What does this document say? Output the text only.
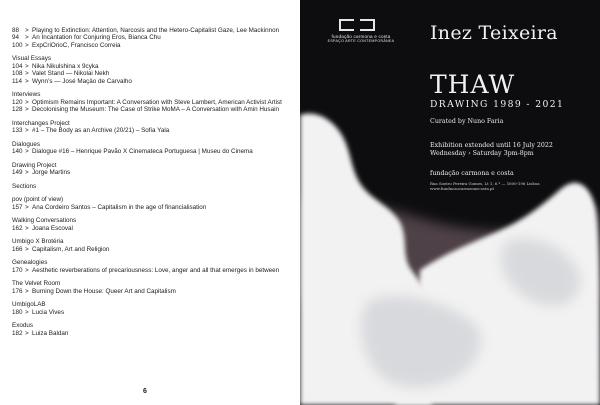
88 > Playing to Extinction: Attention, Narcosis and the Hetero-Capitalist Gaze, Lee Mackinnon
94 > An Incantation for Conjuring Eros, Bianca Chu
100 > ExpCriOrioC, Francisco Correia
Visual Essays
104 > Nika Nikulshina x 9cyka
108 > Valet Stand — Nikolai Nekh
114 > Wynn’s — José Maçäo de Carvalho
Interviews
120 > Optimism Remains Important: A Conversation with Steve Lambert, American Activist Artist
128 > Decolonising the Museum: The Case of Strike MoMA – A Conversation with Amin Husain
Interchanges Project
133 > #1 – The Body as an Archive (20/21) – Sofia Yala
Dialogues
140 > Dialogue #16 – Henrique Pavão X Cinemateca Portuguesa | Museu do Cinema
Drawing Project
149 > Jorge Martins
Sections
pov (point of view)
157 > Ana Cordeiro Santos – Capitalism in the age of financialisation
Walking Conversations
162 > Joana Escoval
Umbigo X Brotéria
166 > Capitalism, Art and Religion
Genealogies
170 > Aesthetic reverberations of precariousness: Love, anger and all that emerges in between
The Velvet Room
176 > Burning Down the House: Queer Art and Capitalism
UmbigoLAB
180 > Lucia Vives
Exodus
182 > Luiza Baldan
6
fundação carmona e costa
ESPAÇO ARTE CONTEMPORÂNEA Inez Teixeira
THAW
DRAWING 1989 - 2021
Curated by Nuno Faria
Exhibition extended until 16 July 2022
Wednesday › Saturday 3pm-8pm
fundação carmona e costa
Rua Soeiro Pereira Gomes, Lt 1, 6.º — 1600-196 Lisboa
www.fundacaocarmonaecosta.pt
